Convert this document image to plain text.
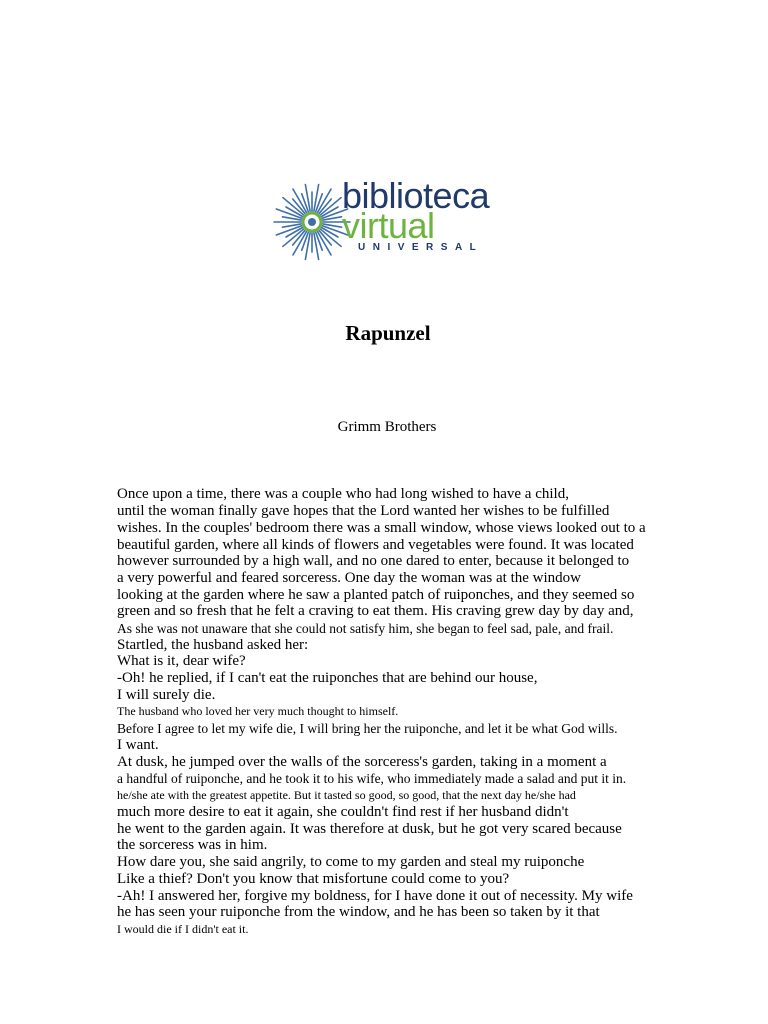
biblioteca
virtual
UNIVERSAL
Rapunzel
Grimm Brothers
Once upon a time, there was a couple who had long wished to have a child,
until the woman finally gave hopes that the Lord wanted her wishes to be fulfilled
wishes. In the couples' bedroom there was a small window, whose views looked out to a
beautiful garden, where all kinds of flowers and vegetables were found. It was located
however surrounded by a high wall, and no one dared to enter, because it belonged to
a very powerful and feared sorceress. One day the woman was at the window
looking at the garden where he saw a planted patch of ruiponches, and they seemed so
green and so fresh that he felt a craving to eat them. His craving grew day by day and,
As she was not unaware that she could not satisfy him, she began to feel sad, pale, and frail.
Startled, the husband asked her:
What is it, dear wife?
-Oh! he replied, if I can't eat the ruiponches that are behind our house,
I will surely die.
The husband who loved her very much thought to himself.
Before I agree to let my wife die, I will bring her the ruiponche, and let it be what God wills.
I want.
At dusk, he jumped over the walls of the sorceress's garden, taking in a moment a
a handful of ruiponche, and he took it to his wife, who immediately made a salad and put it in.
he/she ate with the greatest appetite. But it tasted so good, so good, that the next day he/she had
much more desire to eat it again, she couldn't find rest if her husband didn't
he went to the garden again. It was therefore at dusk, but he got very scared because
the sorceress was in him.
How dare you, she said angrily, to come to my garden and steal my ruiponche
Like a thief? Don't you know that misfortune could come to you?
-Ah! I answered her, forgive my boldness, for I have done it out of necessity. My wife
he has seen your ruiponche from the window, and he has been so taken by it that
I would die if I didn't eat it.
